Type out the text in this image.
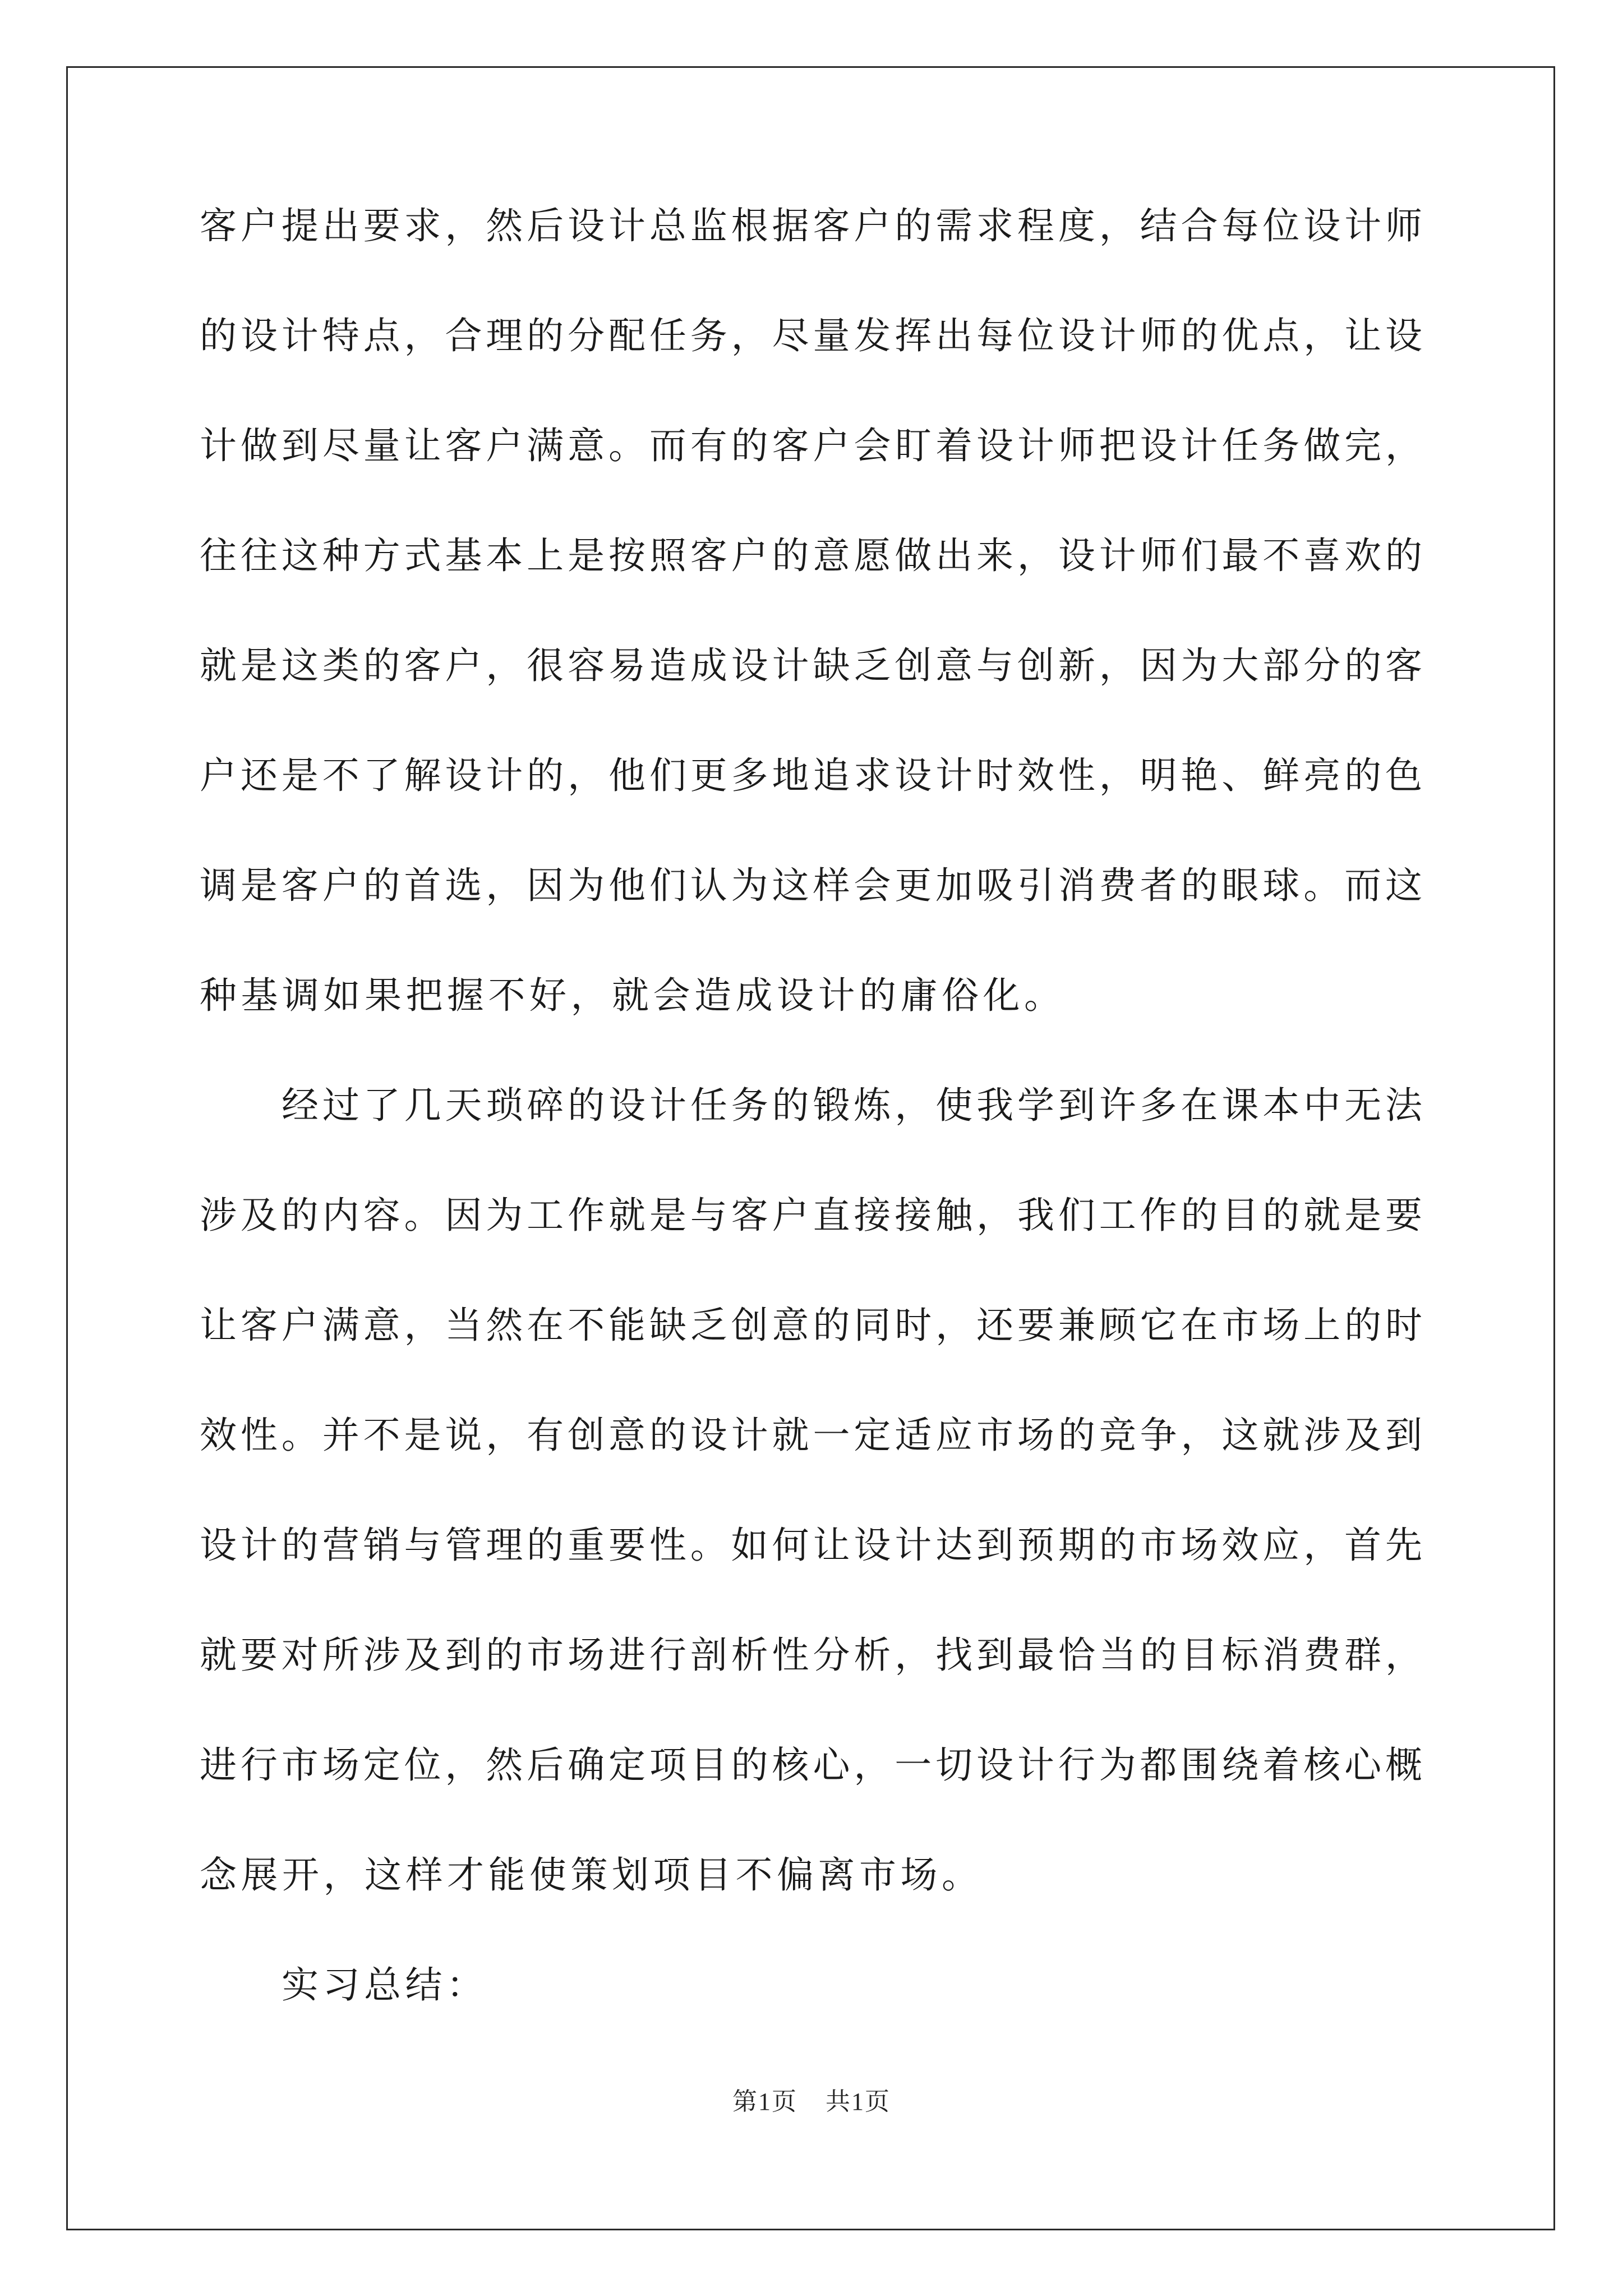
客户提出要求，然后设计总监根据客户的需求程度，结合每位设计师
的设计特点，合理的分配任务，尽量发挥出每位设计师的优点，让设
计做到尽量让客户满意。而有的客户会盯着设计师把设计任务做完，
往往这种方式基本上是按照客户的意愿做出来，设计师们最不喜欢的
就是这类的客户，很容易造成设计缺乏创意与创新，因为大部分的客
户还是不了解设计的，他们更多地追求设计时效性，明艳、鲜亮的色
调是客户的首选，因为他们认为这样会更加吸引消费者的眼球。而这
种基调如果把握不好，就会造成设计的庸俗化。
经过了几天琐碎的设计任务的锻炼，使我学到许多在课本中无法
涉及的内容。因为工作就是与客户直接接触，我们工作的目的就是要
让客户满意，当然在不能缺乏创意的同时，还要兼顾它在市场上的时
效性。并不是说，有创意的设计就一定适应市场的竞争，这就涉及到
设计的营销与管理的重要性。如何让设计达到预期的市场效应，首先
就要对所涉及到的市场进行剖析性分析，找到最恰当的目标消费群，
进行市场定位，然后确定项目的核心，一切设计行为都围绕着核心概
念展开，这样才能使策划项目不偏离市场。
实习总结：
第1页 共1页
